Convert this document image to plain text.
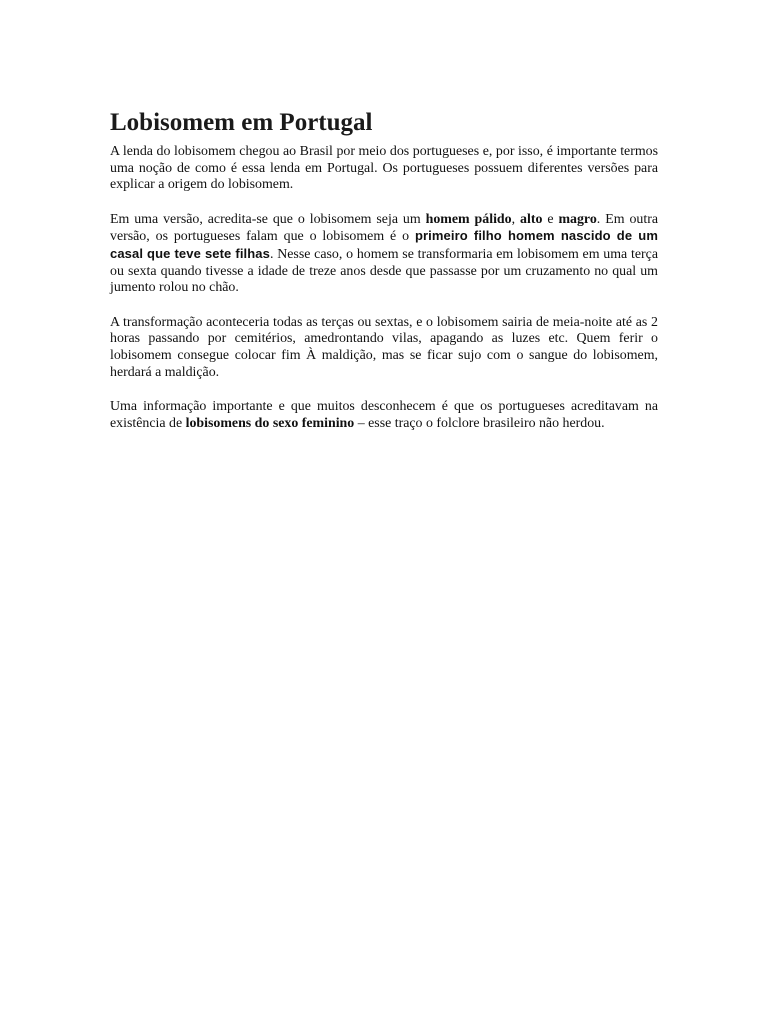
Lobisomem em Portugal

A lenda do lobisomem chegou ao Brasil por meio dos portugueses e, por isso, é importante termos uma noção de como é essa lenda em Portugal. Os portugueses possuem diferentes versões para explicar a origem do lobisomem.

Em uma versão, acredita-se que o lobisomem seja um homem pálido, alto e magro. Em outra versão, os portugueses falam que o lobisomem é o primeiro filho homem nascido de um casal que teve sete filhas. Nesse caso, o homem se transformaria em lobisomem em uma terça ou sexta quando tivesse a idade de treze anos desde que passasse por um cruzamento no qual um jumento rolou no chão.

A transformação aconteceria todas as terças ou sextas, e o lobisomem sairia de meia-noite até as 2 horas passando por cemitérios, amedrontando vilas, apagando as luzes etc. Quem ferir o lobisomem consegue colocar fim À maldição, mas se ficar sujo com o sangue do lobisomem, herdará a maldição.

Uma informação importante e que muitos desconhecem é que os portugueses acreditavam na existência de lobisomens do sexo feminino – esse traço o folclore brasileiro não herdou.
